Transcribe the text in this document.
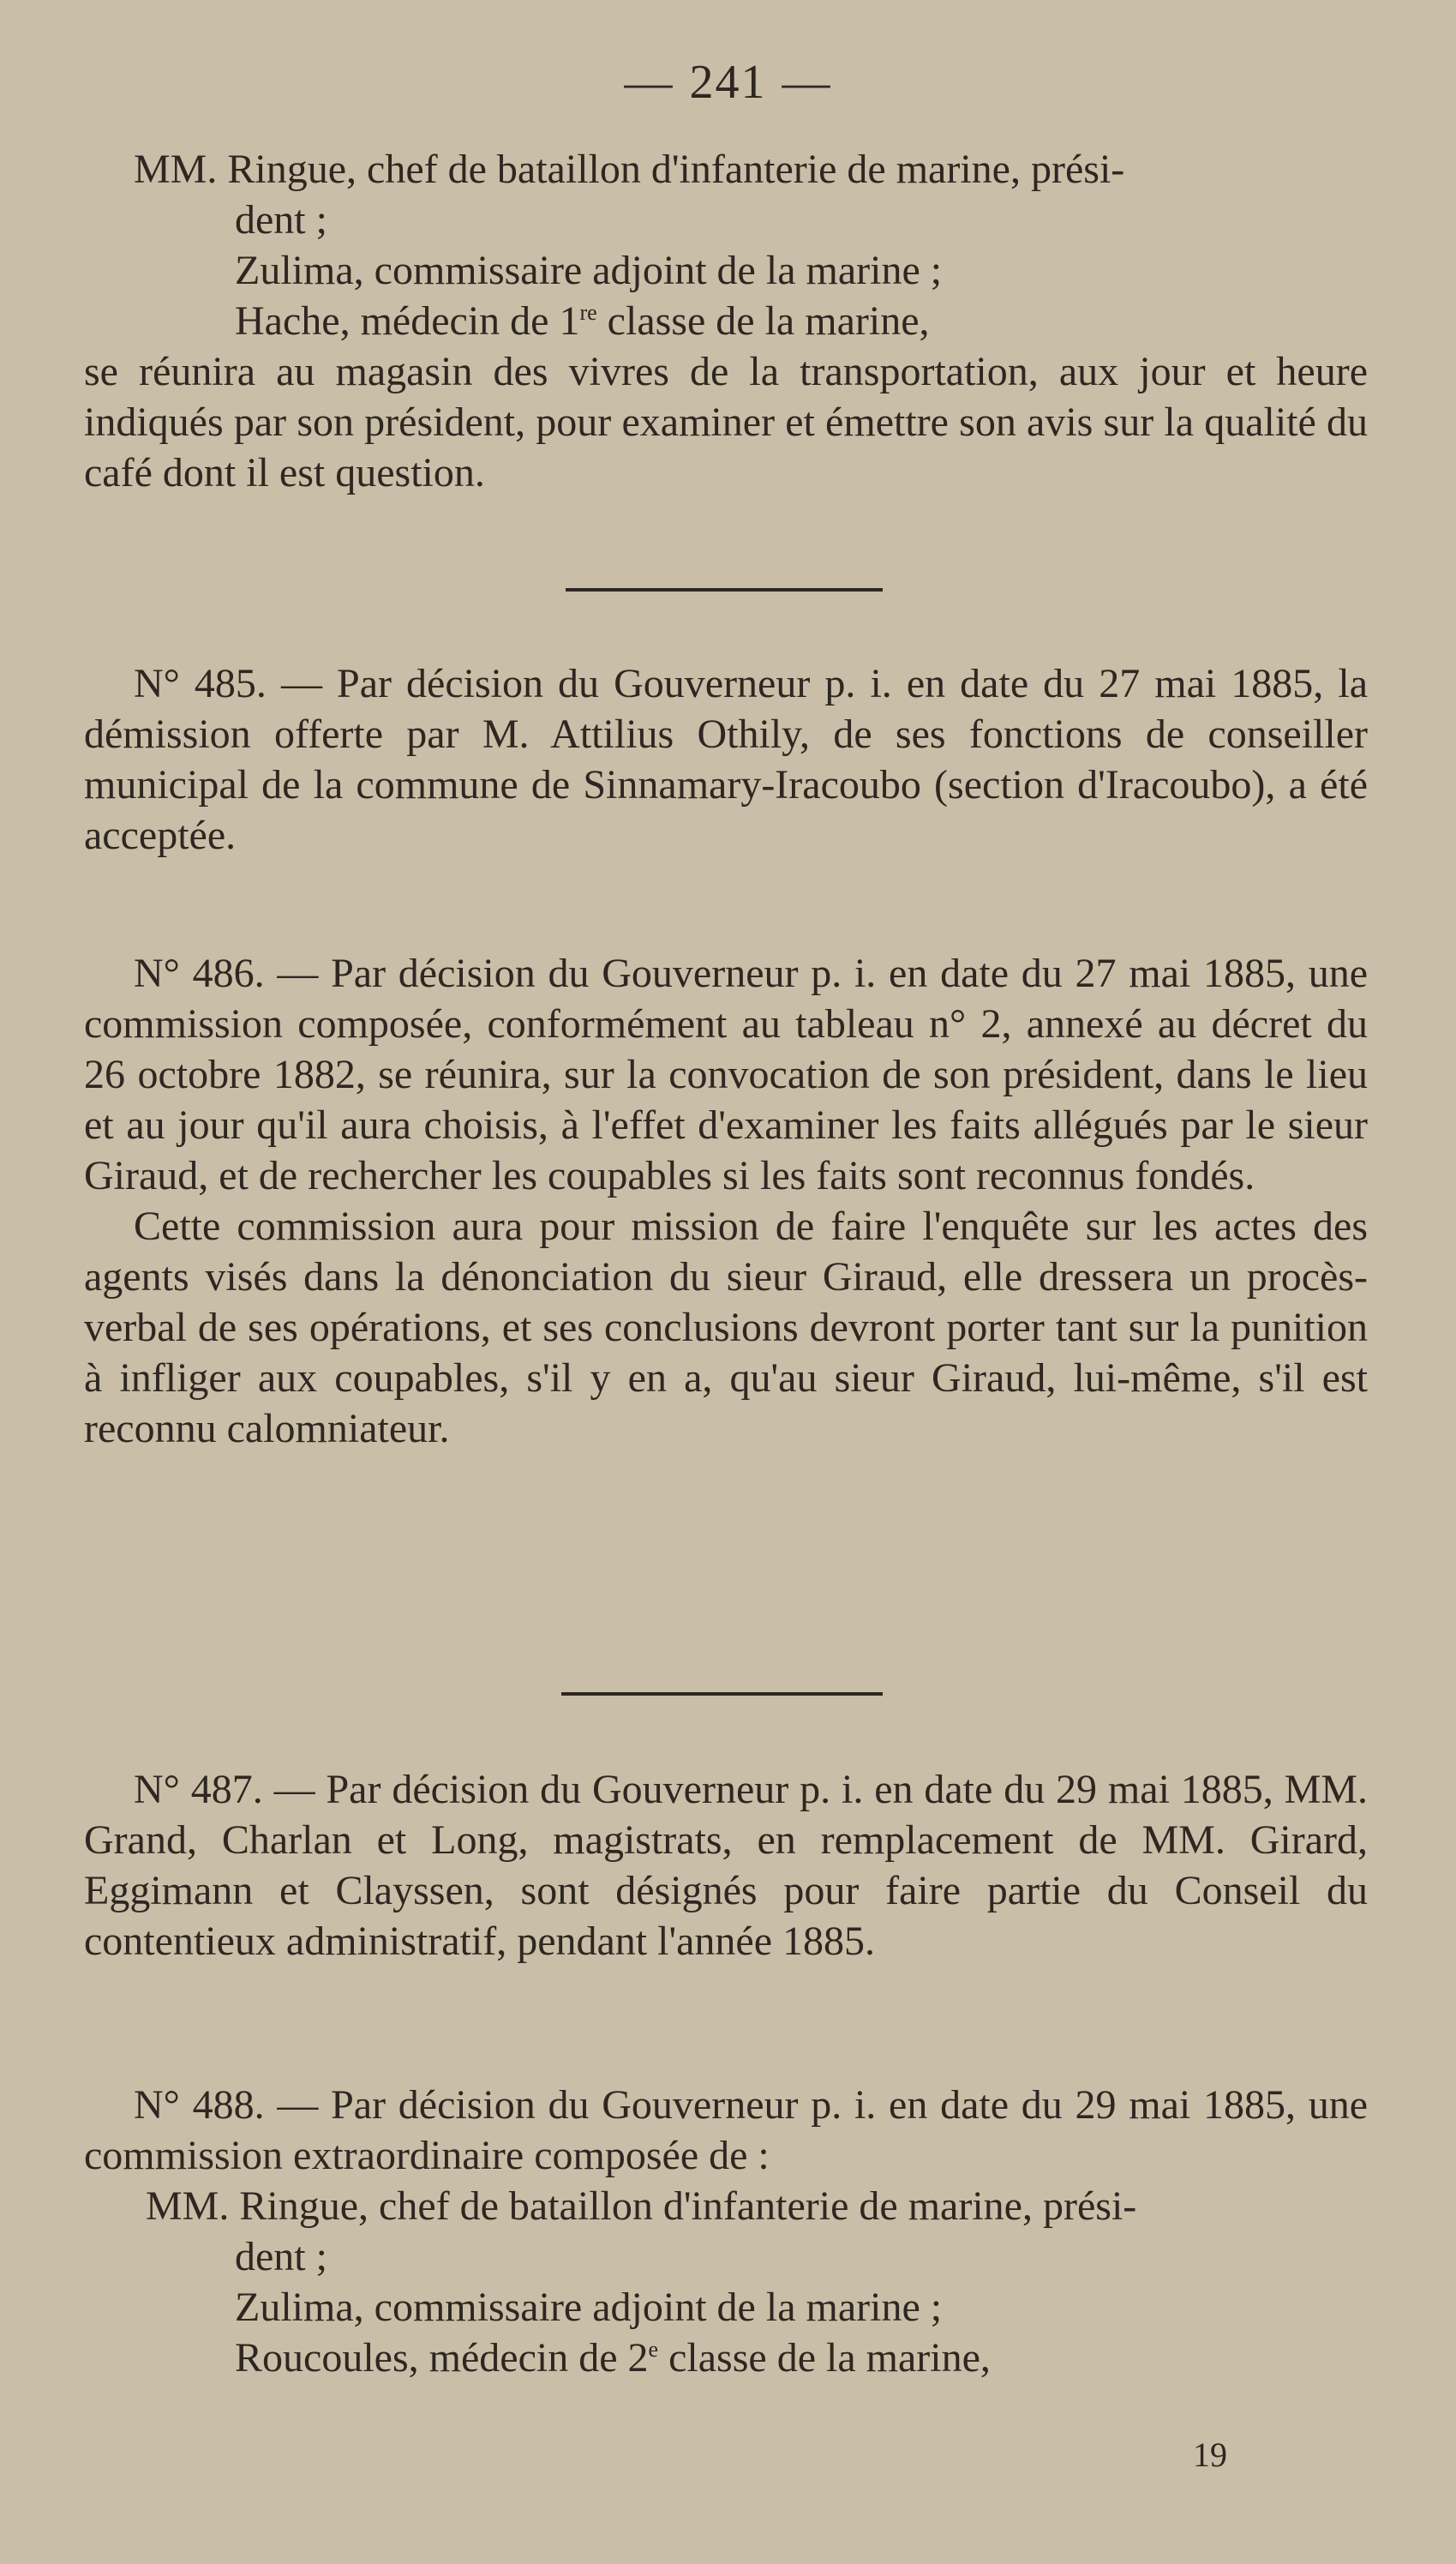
— 241 —

MM. Ringue, chef de bataillon d'infanterie de marine, prési-

dent ;

Zulima, commissaire adjoint de la marine ;

Hache, médecin de 1re classe de la marine,

se réunira au magasin des vivres de la transportation, aux jour et heure indiqués par son président, pour examiner et émettre son avis sur la qualité du café dont il est question.

N° 485. — Par décision du Gouverneur p. i. en date du 27 mai 1885, la démission offerte par M. Attilius Othily, de ses fonctions de conseiller municipal de la commune de Sinnamary-Iracoubo (section d'Iracoubo), a été acceptée.

N° 486. — Par décision du Gouverneur p. i. en date du 27 mai 1885, une commission composée, conformément au tableau n° 2, annexé au décret du 26 octobre 1882, se réunira, sur la convocation de son président, dans le lieu et au jour qu'il aura choisis, à l'effet d'examiner les faits allégués par le sieur Giraud, et de rechercher les coupables si les faits sont reconnus fondés.

Cette commission aura pour mission de faire l'enquête sur les actes des agents visés dans la dénonciation du sieur Giraud, elle dressera un procès-verbal de ses opérations, et ses conclusions devront porter tant sur la punition à infliger aux coupables, s'il y en a, qu'au sieur Giraud, lui-même, s'il est reconnu calomniateur.

N° 487. — Par décision du Gouverneur p. i. en date du 29 mai 1885, MM. Grand, Charlan et Long, magistrats, en remplacement de MM. Girard, Eggimann et Clayssen, sont désignés pour faire partie du Conseil du contentieux administratif, pendant l'année 1885.

N° 488. — Par décision du Gouverneur p. i. en date du 29 mai 1885, une commission extraordinaire composée de :

MM. Ringue, chef de bataillon d'infanterie de marine, prési-

dent ;

Zulima, commissaire adjoint de la marine ;

Roucoules, médecin de 2e classe de la marine,

19
